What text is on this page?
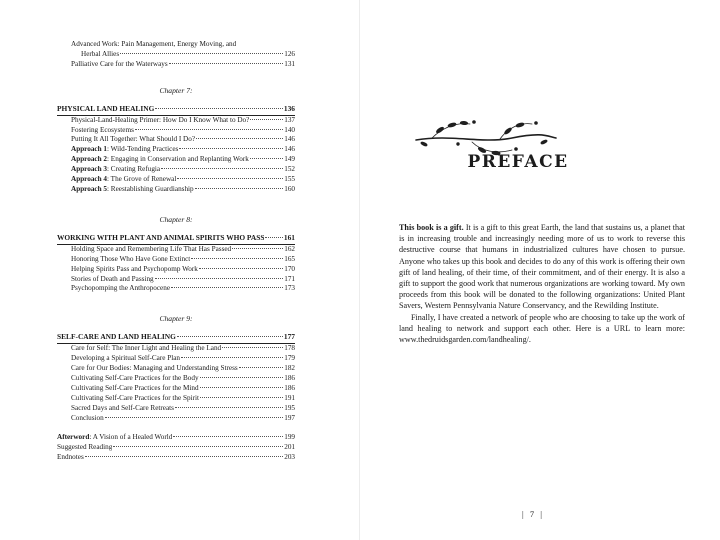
Advanced Work: Pain Management, Energy Moving, and
Herbal Allies	126
Palliative Care for the Waterways	131
Chapter 7:
PHYSICAL LAND HEALING	136
Physical-Land-Healing Primer: How Do I Know What to Do?	137
Fostering Ecosystems	140
Putting It All Together: What Should I Do?	146
Approach 1: Wild-Tending Practices	146
Approach 2: Engaging in Conservation and Replanting Work	149
Approach 3: Creating Refugia	152
Approach 4: The Grove of Renewal	155
Approach 5: Reestablishing Guardianship	160
Chapter 8:
WORKING WITH PLANT AND ANIMAL SPIRITS WHO PASS	161
Holding Space and Remembering Life That Has Passed	162
Honoring Those Who Have Gone Extinct	165
Helping Spirits Pass and Psychopomp Work	170
Stories of Death and Passing	171
Psychopomping the Anthropocene	173
Chapter 9:
SELF-CARE AND LAND HEALING	177
Care for Self: The Inner Light and Healing the Land	178
Developing a Spiritual Self-Care Plan	179
Care for Our Bodies: Managing and Understanding Stress	182
Cultivating Self-Care Practices for the Body	186
Cultivating Self-Care Practices for the Mind	186
Cultivating Self-Care Practices for the Spirit	191
Sacred Days and Self-Care Retreats	195
Conclusion	197
Afterword: A Vision of a Healed World	199
Suggested Reading	201
Endnotes	203
PREFACE

This book is a gift. It is a gift to this great Earth, the land that sustains us, a planet that is in increasing trouble and increasingly needing more of us to work to reverse this destructive course that humans in industrialized cultures have chosen to pursue. Anyone who takes up this book and decides to do any of this work is offering their own gift of land healing, of their time, of their commitment, and of their energy. It is also a gift to support the good work that numerous organizations are working toward. My own proceeds from this book will be donated to the following organizations: United Plant Savers, Western Pennsylvania Nature Conservancy, and the Rewilding Institute.

Finally, I have created a network of people who are choosing to take up the work of land healing to network and support each other. Here is a URL to learn more: www.thedruidsgarden.com/landhealing/.

| 7 |
